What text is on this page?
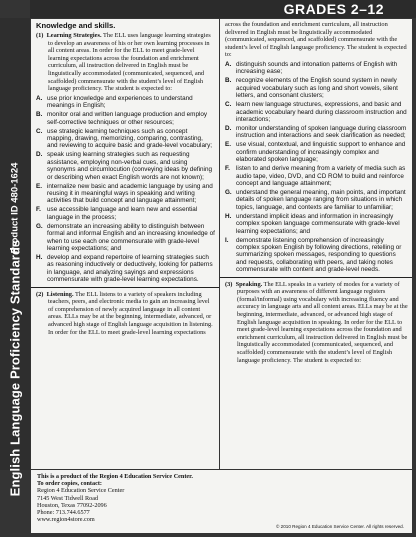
GRADES 2–12
Product ID 480-1624
English Language Proficiency Standards
Knowledge and skills.
(1) Learning Strategies. The ELL uses language learning strategies to develop an awareness of his or her own learning processes in all content areas. In order for the ELL to meet grade-level learning expectations across the foundation and enrichment curriculum, all instruction delivered in English must be linguistically accommodated (communicated, sequenced, and scaffolded) commensurate with the student’s level of English language proficiency. The student is expected to:
A. use prior knowledge and experiences to understand meanings in English;
B. monitor oral and written language production and employ self-corrective techniques or other resources;
C. use strategic learning techniques such as concept mapping, drawing, memorizing, comparing, contrasting, and reviewing to acquire basic and grade-level vocabulary;
D. speak using learning strategies such as requesting assistance, employing non-verbal cues, and using synonyms and circumlocution (conveying ideas by defining or describing when exact English words are not known);
E. internalize new basic and academic language by using and reusing it in meaningful ways in speaking and writing activities that build concept and language attainment;
F. use accessible language and learn new and essential language in the process;
G. demonstrate an increasing ability to distinguish between formal and informal English and an increasing knowledge of when to use each one commensurate with grade-level learning expectations; and
H. develop and expand repertoire of learning strategies such as reasoning inductively or deductively, looking for patterns in language, and analyzing sayings and expressions commensurate with grade-level learning expectations.
(2) Listening. The ELL listens to a variety of speakers including teachers, peers, and electronic media to gain an increasing level of comprehension of newly acquired language in all content areas. ELLs may be at the beginning, intermediate, advanced, or advanced high stage of English language acquisition in listening. In order for the ELL to meet grade-level learning expectations
across the foundation and enrichment curriculum, all instruction delivered in English must be linguistically accommodated (communicated, sequenced, and scaffolded) commensurate with the student’s level of English language proficiency. The student is expected to:
A. distinguish sounds and intonation patterns of English with increasing ease;
B. recognize elements of the English sound system in newly acquired vocabulary such as long and short vowels, silent letters, and consonant clusters;
C. learn new language structures, expressions, and basic and academic vocabulary heard during classroom instruction and interactions;
D. monitor understanding of spoken language during classroom instruction and interactions and seek clarification as needed;
E. use visual, contextual, and linguistic support to enhance and confirm understanding of increasingly complex and elaborated spoken language;
F. listen to and derive meaning from a variety of media such as audio tape, video, DVD, and CD ROM to build and reinforce concept and language attainment;
G. understand the general meaning, main points, and important details of spoken language ranging from situations in which topics, language, and contexts are familiar to unfamiliar;
H. understand implicit ideas and information in increasingly complex spoken language commensurate with grade-level learning expectations; and
I.	demonstrate listening comprehension of increasingly complex spoken English by following directions, retelling or summarizing spoken messages, responding to questions and requests, collaborating with peers, and taking notes commensurate with content and grade-level needs.
(3) Speaking. The ELL speaks in a variety of modes for a variety of purposes with an awareness of different language registers (formal/informal) using vocabulary with increasing fluency and accuracy in language arts and all content areas. ELLs may be at the beginning, intermediate, advanced, or advanced high stage of English language acquisition in speaking. In order for the ELL to meet grade-level learning expectations across the foundation and enrichment curriculum, all instruction delivered in English must be linguistically accommodated (communicated, sequenced, and scaffolded) commensurate with the student’s level of English language proficiency. The student is expected to:
This is a product of the Region 4 Education Service Center.
To order copies, contact:
Region 4 Education Service Center
7145 West Tidwell Road
Houston, Texas 77092-2096
Phone: 713.744.6577
www.region4store.com
© 2010 Region 4 Education Service Center. All rights reserved.
